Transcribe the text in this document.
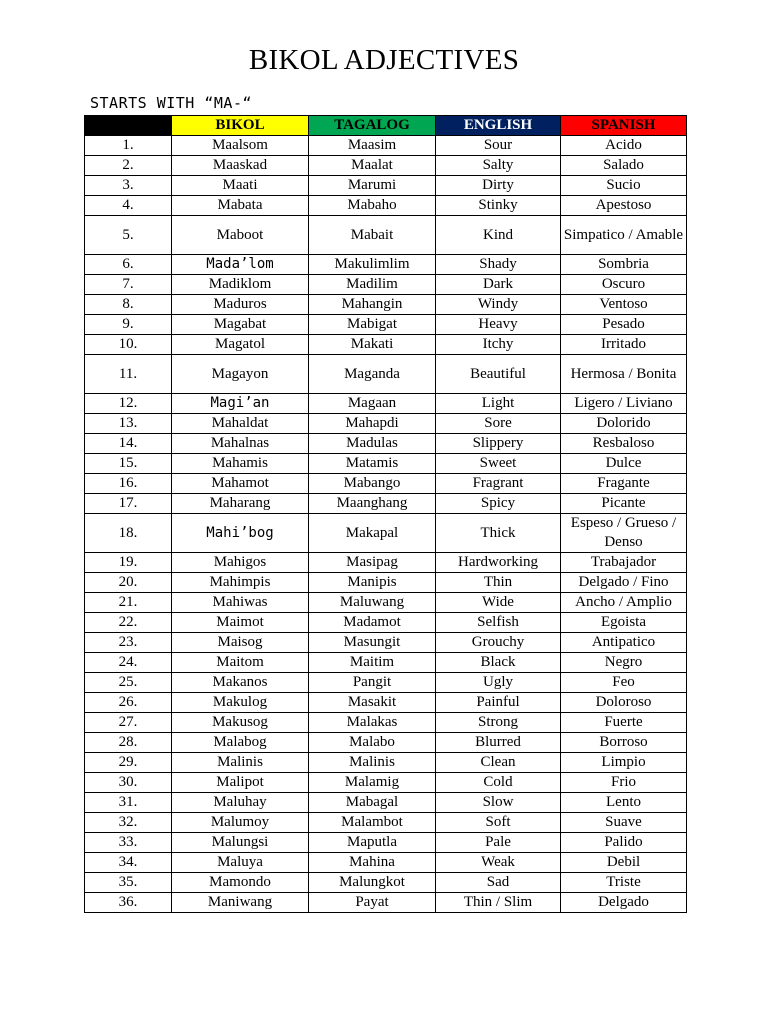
BIKOL ADJECTIVES
STARTS WITH “MA-“
	BIKOL	TAGALOG	ENGLISH	SPANISH
1.	Maalsom	Maasim	Sour	Acido
2.	Maaskad	Maalat	Salty	Salado
3.	Maati	Marumi	Dirty	Sucio
4.	Mabata	Mabaho	Stinky	Apestoso
5.	Maboot	Mabait	Kind	Simpatico / Amable
6.	Mada’lom	Makulimlim	Shady	Sombria
7.	Madiklom	Madilim	Dark	Oscuro
8.	Maduros	Mahangin	Windy	Ventoso
9.	Magabat	Mabigat	Heavy	Pesado
10.	Magatol	Makati	Itchy	Irritado
11.	Magayon	Maganda	Beautiful	Hermosa / Bonita
12.	Magi’an	Magaan	Light	Ligero / Liviano
13.	Mahaldat	Mahapdi	Sore	Dolorido
14.	Mahalnas	Madulas	Slippery	Resbaloso
15.	Mahamis	Matamis	Sweet	Dulce
16.	Mahamot	Mabango	Fragrant	Fragante
17.	Maharang	Maanghang	Spicy	Picante
18.	Mahi’bog	Makapal	Thick	Espeso / Grueso / Denso
19.	Mahigos	Masipag	Hardworking	Trabajador
20.	Mahimpis	Manipis	Thin	Delgado / Fino
21.	Mahiwas	Maluwang	Wide	Ancho / Amplio
22.	Maimot	Madamot	Selfish	Egoista
23.	Maisog	Masungit	Grouchy	Antipatico
24.	Maitom	Maitim	Black	Negro
25.	Makanos	Pangit	Ugly	Feo
26.	Makulog	Masakit	Painful	Doloroso
27.	Makusog	Malakas	Strong	Fuerte
28.	Malabog	Malabo	Blurred	Borroso
29.	Malinis	Malinis	Clean	Limpio
30.	Malipot	Malamig	Cold	Frio
31.	Maluhay	Mabagal	Slow	Lento
32.	Malumoy	Malambot	Soft	Suave
33.	Malungsi	Maputla	Pale	Palido
34.	Maluya	Mahina	Weak	Debil
35.	Mamondo	Malungkot	Sad	Triste
36.	Maniwang	Payat	Thin / Slim	Delgado
